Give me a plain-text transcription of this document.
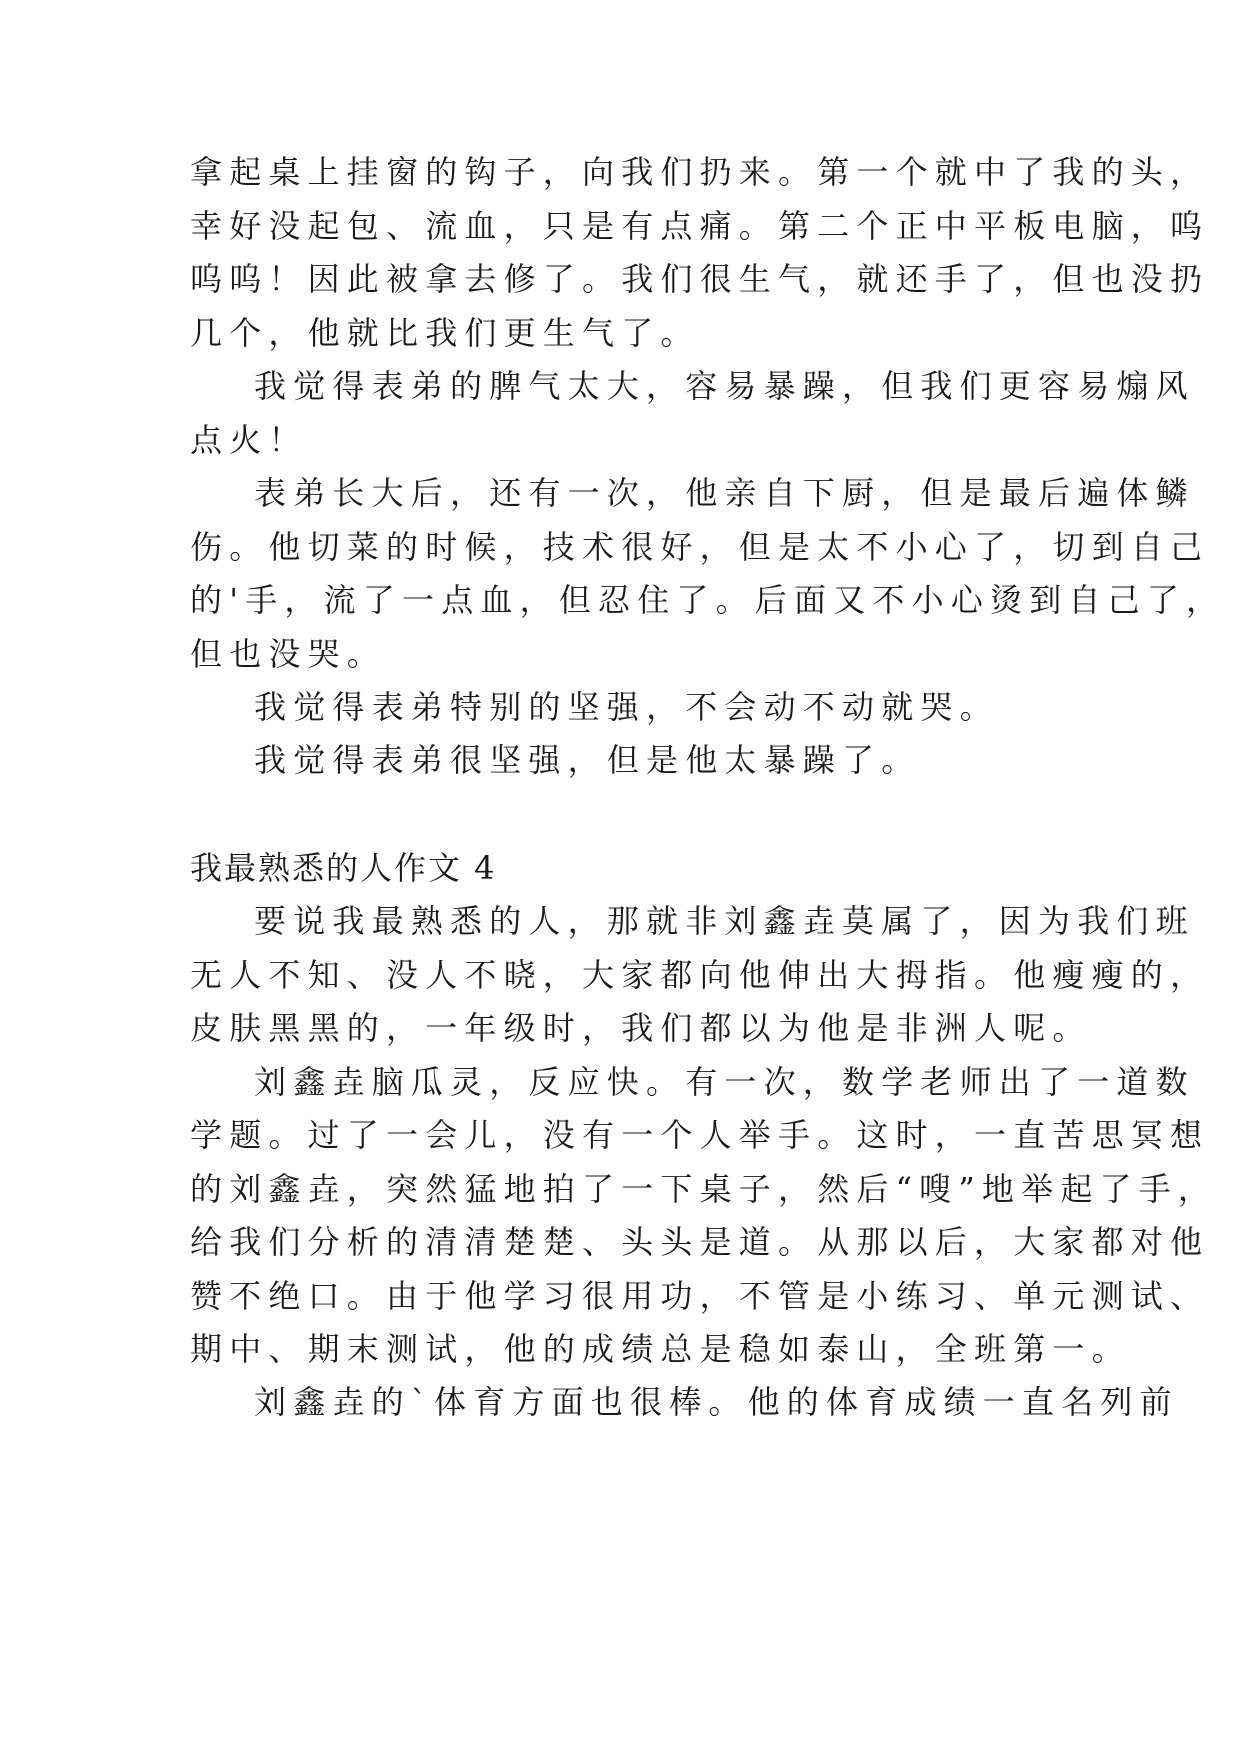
拿起桌上挂窗的钩子，向我们扔来。第一个就中了我的头，
幸好没起包、流血，只是有点痛。第二个正中平板电脑，呜
呜呜！因此被拿去修了。我们很生气，就还手了，但也没扔
几个，他就比我们更生气了。
我觉得表弟的脾气太大，容易暴躁，但我们更容易煽风
点火！
表弟长大后，还有一次，他亲自下厨，但是最后遍体鳞
伤。他切菜的时候，技术很好，但是太不小心了，切到自己
的'手，流了一点血，但忍住了。后面又不小心烫到自己了，
但也没哭。
我觉得表弟特别的坚强，不会动不动就哭。
我觉得表弟很坚强，但是他太暴躁了。
我最熟悉的人作文 4
要说我最熟悉的人，那就非刘鑫垚莫属了，因为我们班
无人不知、没人不晓，大家都向他伸出大拇指。他瘦瘦的，
皮肤黑黑的，一年级时，我们都以为他是非洲人呢。
刘鑫垚脑瓜灵，反应快。有一次，数学老师出了一道数
学题。过了一会儿，没有一个人举手。这时，一直苦思冥想
的刘鑫垚，突然猛地拍了一下桌子，然后“嗖”地举起了手，
给我们分析的清清楚楚、头头是道。从那以后，大家都对他
赞不绝口。由于他学习很用功，不管是小练习、单元测试、
期中、期末测试，他的成绩总是稳如泰山，全班第一。
刘鑫垚的`体育方面也很棒。他的体育成绩一直名列前
